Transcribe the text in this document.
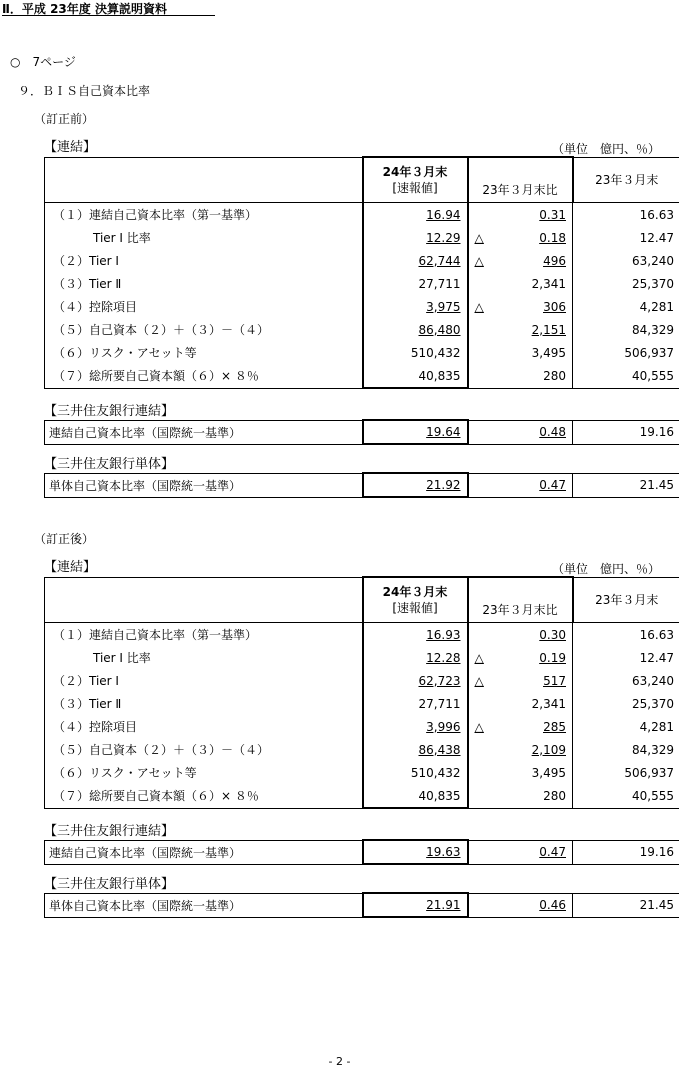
Ⅱ．平成 23年度 決算説明資料
○　7ページ
９．ＢＩＳ自己資本比率
（訂正前）
【連結】	（単位　億円、％）

	24年３月末
[速報値]	23年３月末比	23年３月末
（１）連結自己資本比率（第一基準）	16.94	0.31	16.63
Tier Ⅰ 比率	12.29	△ 0.18	12.47
（２）Tier Ⅰ	62,744	△ 496	63,240
（３）Tier Ⅱ	27,711	2,341	25,370
（４）控除項目	3,975	△ 306	4,281
（５）自己資本（２）＋（３）－（４）	86,480	2,151	84,329
（６）リスク・アセット等	510,432	3,495	506,937
（７）総所要自己資本額（６）× ８％	40,835	280	40,555
【三井住友銀行連結】
連結自己資本比率（国際統一基準）	19.64	0.48	19.16
【三井住友銀行単体】
単体自己資本比率（国際統一基準）	21.92	0.47	21.45
（訂正後）
【連結】	（単位　億円、％）

	24年３月末
[速報値]	23年３月末比	23年３月末
（１）連結自己資本比率（第一基準）	16.93	0.30	16.63
Tier Ⅰ 比率	12.28	△ 0.19	12.47
（２）Tier Ⅰ	62,723	△ 517	63,240
（３）Tier Ⅱ	27,711	2,341	25,370
（４）控除項目	3,996	△ 285	4,281
（５）自己資本（２）＋（３）－（４）	86,438	2,109	84,329
（６）リスク・アセット等	510,432	3,495	506,937
（７）総所要自己資本額（６）× ８％	40,835	280	40,555
【三井住友銀行連結】
連結自己資本比率（国際統一基準）	19.63	0.47	19.16
【三井住友銀行単体】
単体自己資本比率（国際統一基準）	21.91	0.46	21.45
- 2 -
